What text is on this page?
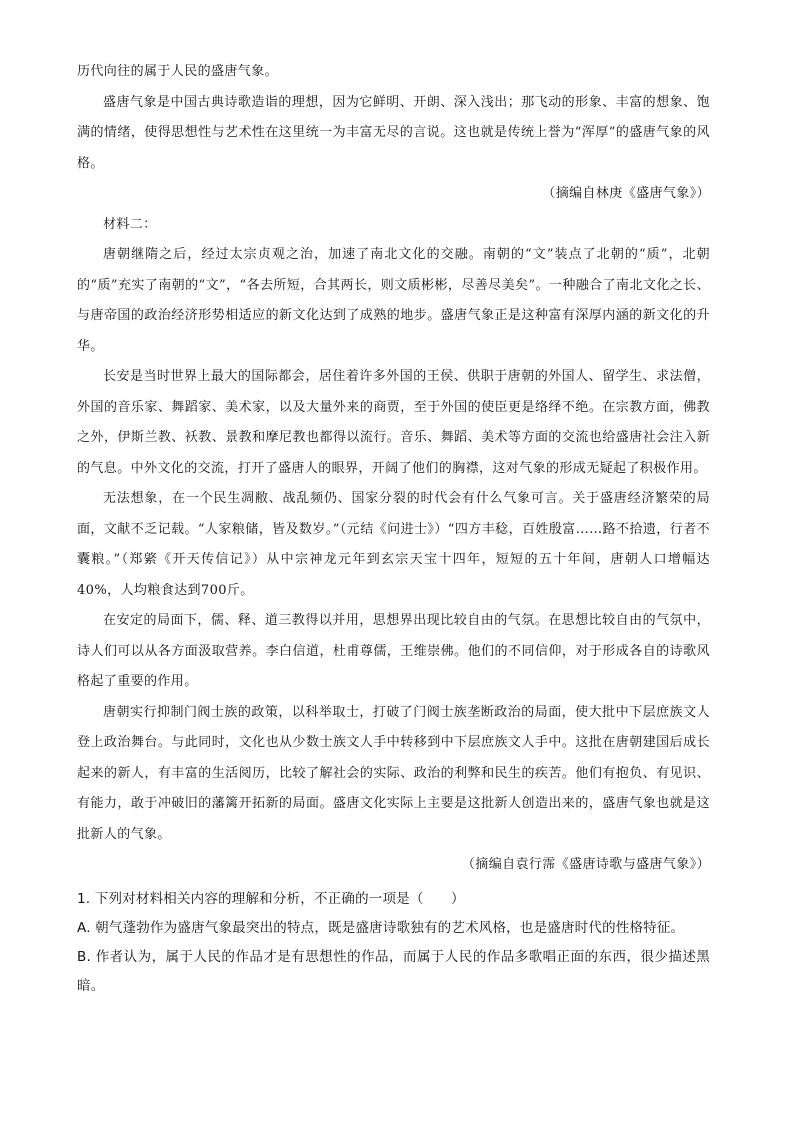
历代向往的属于人民的盛唐气象。

盛唐气象是中国古典诗歌造诣的理想，因为它鲜明、开朗、深入浅出；那飞动的形象、丰富的想象、饱满的情绪，使得思想性与艺术性在这里统一为丰富无尽的言说。这也就是传统上誉为“浑厚”的盛唐气象的风格。

（摘编自林庚《盛唐气象》）

材料二：

唐朝继隋之后，经过太宗贞观之治，加速了南北文化的交融。南朝的“文”装点了北朝的“质”，北朝的“质”充实了南朝的“文”，“各去所短，合其两长，则文质彬彬，尽善尽美矣”。一种融合了南北文化之长、与唐帝国的政治经济形势相适应的新文化达到了成熟的地步。盛唐气象正是这种富有深厚内涵的新文化的升华。

长安是当时世界上最大的国际都会，居住着许多外国的王侯、供职于唐朝的外国人、留学生、求法僧，外国的音乐家、舞蹈家、美术家，以及大量外来的商贾，至于外国的使臣更是络绎不绝。在宗教方面，佛教之外，伊斯兰教、袄教、景教和摩尼教也都得以流行。音乐、舞蹈、美术等方面的交流也给盛唐社会注入新的气息。中外文化的交流，打开了盛唐人的眼界，开阔了他们的胸襟，这对气象的形成无疑起了积极作用。

无法想象，在一个民生凋敝、战乱频仍、国家分裂的时代会有什么气象可言。关于盛唐经济繁荣的局面，文献不乏记载。“人家粮储，皆及数岁。”（元结《问进士》）“四方丰稔，百姓殷富……路不拾遗，行者不囊粮。”（郑綮《开天传信记》）从中宗神龙元年到玄宗天宝十四年，短短的五十年间，唐朝人口增幅达40%，人均粮食达到700斤。

在安定的局面下，儒、释、道三教得以并用，思想界出现比较自由的气氛。在思想比较自由的气氛中，诗人们可以从各方面汲取营养。李白信道，杜甫尊儒，王维崇佛。他们的不同信仰，对于形成各自的诗歌风格起了重要的作用。

唐朝实行抑制门阀士族的政策，以科举取士，打破了门阀士族垄断政治的局面，使大批中下层庶族文人登上政治舞台。与此同时，文化也从少数士族文人手中转移到中下层庶族文人手中。这批在唐朝建国后成长起来的新人，有丰富的生活阅历，比较了解社会的实际、政治的利弊和民生的疾苦。他们有抱负、有见识、有能力，敢于冲破旧的藩篱开拓新的局面。盛唐文化实际上主要是这批新人创造出来的，盛唐气象也就是这批新人的气象。

（摘编自袁行霈《盛唐诗歌与盛唐气象》）

1. 下列对材料相关内容的理解和分析，不正确的一项是（　　）

A. 朝气蓬勃作为盛唐气象最突出的特点，既是盛唐诗歌独有的艺术风格，也是盛唐时代的性格特征。

B. 作者认为，属于人民的作品才是有思想性的作品，而属于人民的作品多歌唱正面的东西，很少描述黑暗。
